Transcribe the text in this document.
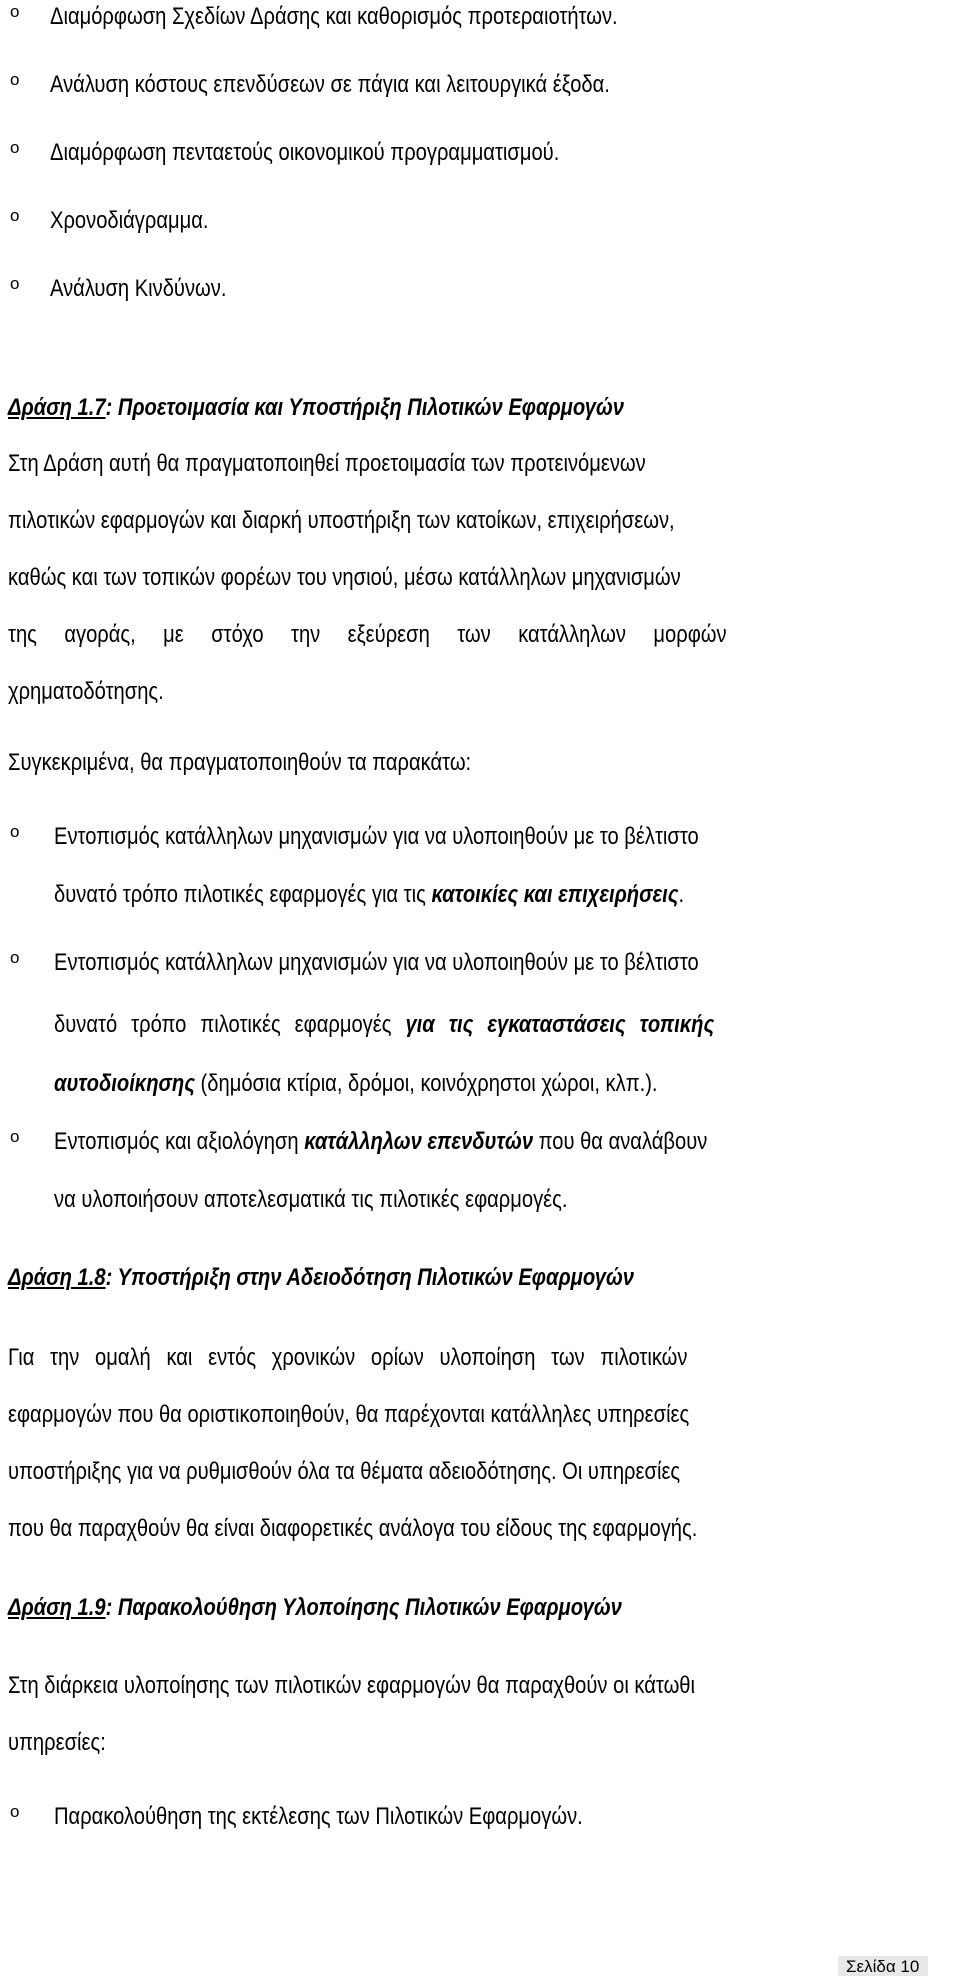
o Διαμόρφωση Σχεδίων Δράσης και καθορισμός προτεραιοτήτων.
o Ανάλυση κόστους επενδύσεων σε πάγια και λειτουργικά έξοδα.
o Διαμόρφωση πενταετούς οικονομικού προγραμματισμού.
o Χρονοδιάγραμμα.
o Ανάλυση Κινδύνων.
Δράση 1.7: Προετοιμασία και Υποστήριξη Πιλοτικών Εφαρμογών
Στη Δράση αυτή θα πραγματοποιηθεί προετοιμασία των προτεινόμενων
πιλοτικών εφαρμογών και διαρκή υποστήριξη των κατοίκων, επιχειρήσεων,
καθώς και των τοπικών φορέων του νησιού, μέσω κατάλληλων μηχανισμών
της αγοράς, με στόχο την εξεύρεση των κατάλληλων μορφών
χρηματοδότησης.
Συγκεκριμένα, θα πραγματοποιηθούν τα παρακάτω:
o Εντοπισμός κατάλληλων μηχανισμών για να υλοποιηθούν με το βέλτιστο
δυνατό τρόπο πιλοτικές εφαρμογές για τις κατοικίες και επιχειρήσεις.
o Εντοπισμός κατάλληλων μηχανισμών για να υλοποιηθούν με το βέλτιστο
δυνατό τρόπο πιλοτικές εφαρμογές για τις εγκαταστάσεις τοπικής
αυτοδιοίκησης (δημόσια κτίρια, δρόμοι, κοινόχρηστοι χώροι, κλπ.).
o Εντοπισμός και αξιολόγηση κατάλληλων επενδυτών που θα αναλάβουν
να υλοποιήσουν αποτελεσματικά τις πιλοτικές εφαρμογές.
Δράση 1.8: Υποστήριξη στην Αδειοδότηση Πιλοτικών Εφαρμογών
Για την ομαλή και εντός χρονικών ορίων υλοποίηση των πιλοτικών
εφαρμογών που θα οριστικοποιηθούν, θα παρέχονται κατάλληλες υπηρεσίες
υποστήριξης για να ρυθμισθούν όλα τα θέματα αδειοδότησης. Οι υπηρεσίες
που θα παραχθούν θα είναι διαφορετικές ανάλογα του είδους της εφαρμογής.
Δράση 1.9: Παρακολούθηση Υλοποίησης Πιλοτικών Εφαρμογών
Στη διάρκεια υλοποίησης των πιλοτικών εφαρμογών θα παραχθούν οι κάτωθι
υπηρεσίες:
o Παρακολούθηση της εκτέλεσης των Πιλοτικών Εφαρμογών.
Σελίδα 10
